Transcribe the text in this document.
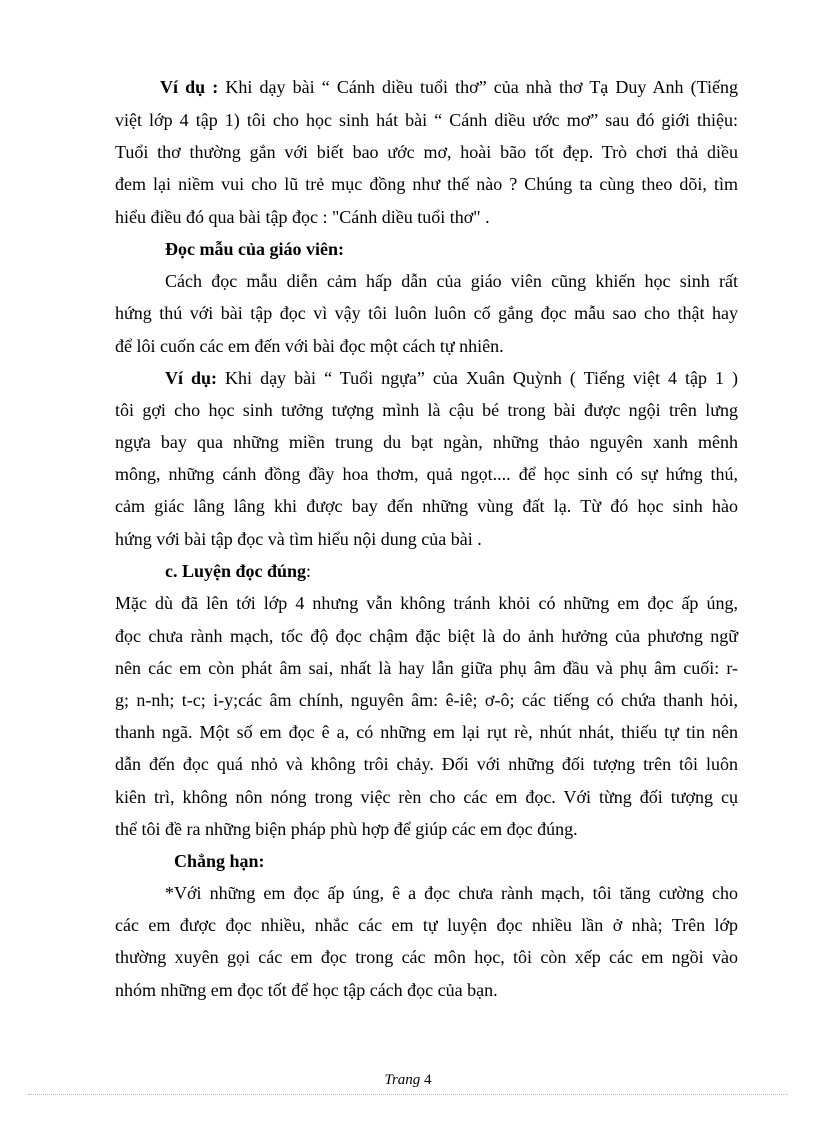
Ví dụ : Khi dạy bài “ Cánh diều tuổi thơ” của nhà thơ Tạ Duy Anh (Tiếng
việt lớp 4 tập 1) tôi cho học sinh hát bài “ Cánh diều ước mơ” sau đó giới thiệu:
Tuổi thơ thường gắn với biết bao ước mơ, hoài bão tốt đẹp. Trò chơi thả diều
đem lại niềm vui cho lũ trẻ mục đồng như thế nào ? Chúng ta cùng theo dõi, tìm
hiểu điều đó qua bài tập đọc : "Cánh diều tuổi thơ" .
Đọc mẫu của giáo viên:
Cách đọc mẫu diễn cảm hấp dẫn của giáo viên cũng khiến học sinh rất
hứng thú với bài tập đọc vì vậy tôi luôn luôn cố gắng đọc mẫu sao cho thật hay
để lôi cuốn các em đến với bài đọc một cách tự nhiên.
Ví dụ: Khi dạy bài “ Tuổi ngựa” của Xuân Quỳnh ( Tiếng việt 4 tập 1 )
tôi gợi cho học sinh tưởng tượng mình là cậu bé trong bài được ngội trên lưng
ngựa bay qua những miền trung du bạt ngàn, những thảo nguyên xanh mênh
mông, những cánh đồng đầy hoa thơm, quả ngọt.... để học sinh có sự hứng thú,
cảm giác lâng lâng khi được bay đến những vùng đất lạ. Từ đó học sinh hào
hứng với bài tập đọc và tìm hiểu nội dung của bài .
c. Luyện đọc đúng:
Mặc dù đã lên tới lớp 4 nhưng vẫn không tránh khỏi có những em đọc ấp úng,
đọc chưa rành mạch, tốc độ đọc chậm đặc biệt là do ảnh hưởng của phương ngữ
nên các em còn phát âm sai, nhất là hay lẫn giữa phụ âm đầu và phụ âm cuối: r-
g; n-nh; t-c; i-y;các âm chính, nguyên âm: ê-iê; ơ-ô; các tiếng có chứa thanh hỏi,
thanh ngã. Một số em đọc ê a, có những em lại rụt rè, nhút nhát, thiếu tự tin nên
dẫn đến đọc quá nhỏ và không trôi chảy. Đối với những đối tượng trên tôi luôn
kiên trì, không nôn nóng trong việc rèn cho các em đọc. Với từng đối tượng cụ
thể tôi đề ra những biện pháp phù hợp để giúp các em đọc đúng.
Chẳng hạn:
*Với những em đọc ấp úng, ê a đọc chưa rành mạch, tôi tăng cường cho
các em được đọc nhiều, nhắc các em tự luyện đọc nhiều lần ở nhà; Trên lớp
thường xuyên gọi các em đọc trong các môn học, tôi còn xếp các em ngồi vào
nhóm những em đọc tốt để học tập cách đọc của bạn.
Trang 4
